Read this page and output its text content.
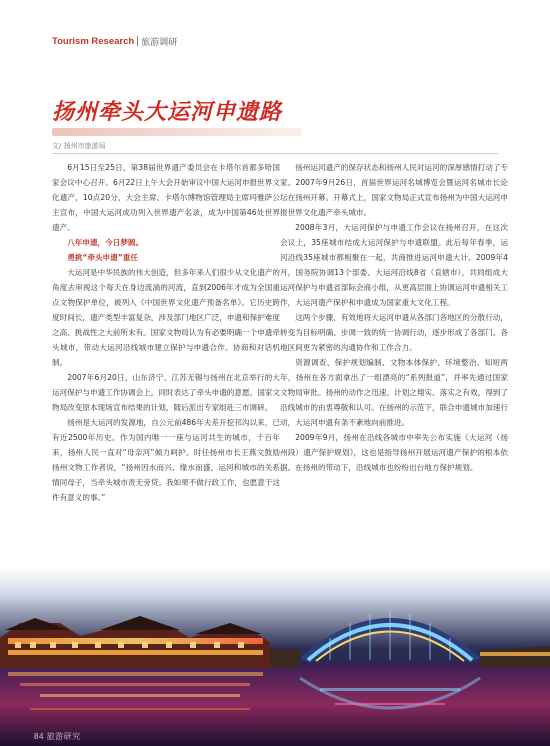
Tourism Research 旅游调研
扬州牵头大运河申遗路
文/ 扬州市旅游局

6月15日至25日，第38届世界遗产委员会在卡塔尔首都多哈国家会议中心召开。6月22日上午大会开始审议中国大运河申报世界文化遗产，10点20分，大会主席、卡塔尔博物馆管理局主席玛雅萨公主宣布，中国大运河成功列入世界遗产名录，成为中国第46处世界遗产。

八年申遗，今日梦圆。

勇挑“牵头申遗”重任

大运河是中华民族的伟大创造，但多年来人们很少从文化遗产的角度去审视这个每天在身边流淌的河流，直到2006年才成为全国重点文物保护单位，被列入《中国世界文化遗产预备名单》。它历史跨度时间长，遗产类型丰富复杂，涉及部门地区广泛，申遗和保护难度之高、挑战性之大前所未有。国家文物局认为有必要明确一个申遗牵头城市，带动大运河沿线城市建立保护与申遗合作、协商和对话机制。

2007年6月20日，山东济宁、江苏无锡与扬州在北京举行的大运河保护与申遗工作协调会上，同时表达了牵头申遗的意愿。国家文物局改变原本现场宣布结果的计划，随后派出专家组赴三市调研。

扬州是大运河的发源地，自公元前486年夫差开挖邗沟以来，已有近2500年历史。作为国内唯一一座与运河共生的城市，千百年来，扬州人民一直对“母亲河”倾力呵护。时任扬州市长王燕文鼓励扬州文物工作者说，“扬州因水而兴、缘水而盛，运河和城市的关系情同母子，当牵头城市责无旁贷。我如果不做行政工作，也愿意干这件有意义的事。”

扬州运河遗产的保存状态和扬州人民对运河的深厚感情打动了专家。2007年9月26日，首届世界运河名城博览会暨运河名城市长论坛在扬州开幕。开幕式上，国家文物局正式宣布扬州为中国大运河申报世界文化遗产牵头城市。

2008年3月，大运河保护与申遗工作会议在扬州召开，在这次会议上，35座城市结成大运河保护与申遗联盟。此后每年春季，运河沿线35座城市都相聚在一起，共商推进运河申遗大计。2009年4月，国务院协调13个部委、大运河沿线8省（直辖市），共同组成大运河保护与申遗省部际会商小组，从更高层面上协调运河申遗相关工作，大运河遗产保护和申遗成为国家重大文化工程。

这两个步骤，有效地将大运河申遗从各部门各地区的分散行动，转变为目标明确、步调一致的统一协调行动，逐步形成了各部门、各地区间更为紧密的沟通协作和工作合力。

资源调查、保护规划编制、文物本体保护、环境整治、知短两年，扬州在各方面拿出了一组漂亮的“系列报道”，并率先通过国家文物局审批。扬州的动作之迅速、计划之翔实、落实之有效，得到了沿线城市的由衷尊敬和认可。在扬州的示范下，联合申遗城市加速行动，大运河申遗有条不紊地向前推进。

2009年9月，扬州在沿线各城市中率先公布实施《大运河（扬州段）遗产保护规划》，这也是指导扬州开展运河遗产保护的根本依据。在扬州的带动下，沿线城市也纷纷出台地方保护规划。

84 旅游研究
